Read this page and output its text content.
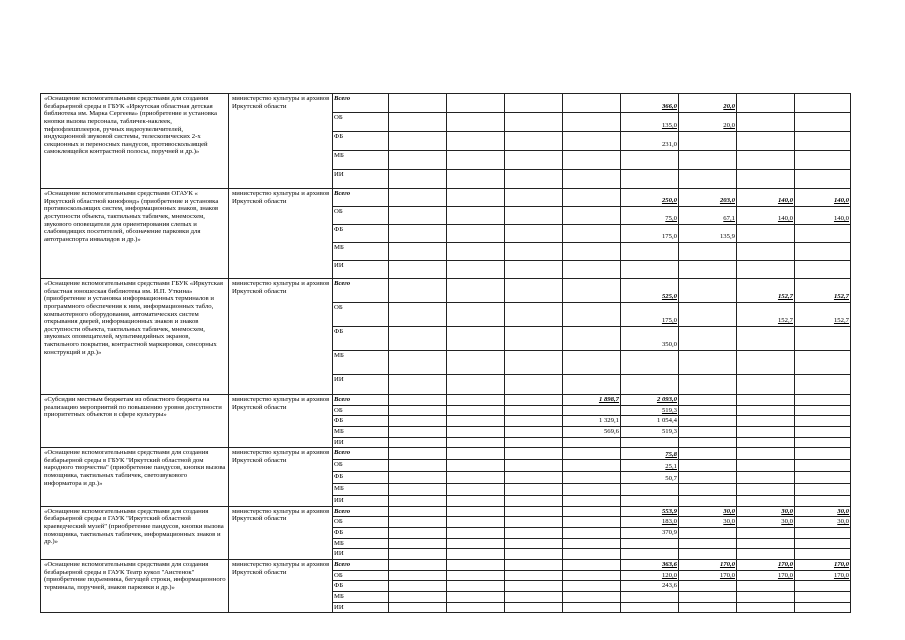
«Оснащение вспомогательными средствами для создания безбарьерной среды в ГБУК «Иркутская областная детская библиотека им. Марка Сергеева» (приобретение и установка кнопки вызова персонала, табличек-наклеек, тифлофлешплееров, ручных видеоувеличителей, индукционной звуковой системы, телескопических 2-х секционных и переносных пандусов, противоскользящей самоклеящейся контрастной полосы, поручней и др.)»	министерство культуры и архивов Иркутской области	Всего					366,0	20,0		
		ОБ					135,0	20,0		
		ФБ					231,0			
		МБ								
		ИИ								
«Оснащение вспомогательными средствами ОГАУК « Иркутский областной кинофонд» (приобретение и установка противоскользящих систем, информационных знаков, знаков доступности объекта, тактильных табличек, мнемосхем, звукового оповещателя для ориентирования слепых и слабовидящих посетителей, обозначение парковки для автотранспорта инвалидов и др.)»	министерство культуры и архивов Иркутской области	Всего					250,0	203,0	140,0	140,0
		ОБ					75,0	67,1	140,0	140,0
		ФБ					175,0	135,9		
		МБ								
		ИИ								
«Оснащение вспомогательными средствами ГБУК «Иркутская областная юношеская библиотека им. И.П. Уткина» (приобретение и установка информационных терминалов и программного обеспечения к ним, информационных табло, компьютерного оборудования, автоматических систем открывания дверей, информационных знаков и знаков доступности объекта, тактильных табличек, мнемосхем, звуковых оповещателей, мультимедийных экранов, тактильного покрытия, контрастной маркировки, сенсорных конструкций и др.)»	министерство культуры и архивов Иркутской области	Всего					525,0		152,7	152,7
		ОБ					175,0		152,7	152,7
		ФБ					350,0			
		МБ								
		ИИ								
«Субсидии местным бюджетам из областного бюджета на реализацию мероприятий по повышению уровня доступности приоритетных объектов в сфере культуры»	министерство культуры и архивов Иркутской области	Всего				1 898,7	2 093,0			
		ОБ					519,3			
		ФБ				1 329,1	1 054,4			
		МБ				569,6	519,3			
		ИИ								
«Оснащение вспомогательными средствами для создания безбарьерной среды в ГБУК "Иркутский областной дом народного творчества" (приобретение пандусов, кнопки вызова помощника, тактильных табличек, светозвукового информатора и др.)»	министерство культуры и архивов Иркутской области	Всего					75,8			
		ОБ					25,1			
		ФБ					50,7			
		МБ								
		ИИ								
«Оснащение вспомогательными средствами для создания безбарьерной среды в ГАУК "Иркутский областной краеведческий музей" (приобретение пандусов, кнопки вызова помощника, тактильных табличек, информационных знаков и др.)»	министерство культуры и архивов Иркутской области	Всего					553,9	30,0	30,0	30,0
		ОБ					183,0	30,0	30,0	30,0
		ФБ					370,9			
		МБ								
		ИИ								
«Оснащение вспомогательными средствами для создания безбарьерной среды в ГАУК Театр кукол "Аистенок"(приобретение подъемника, бегущей строки, информационного терминала, поручней, знаков парковки и др.)»	министерство культуры и архивов Иркутской области	Всего					363,6	170,0	170,0	170,0
		ОБ					120,0	170,0	170,0	170,0
		ФБ					243,6			
		МБ								
		ИИ								
